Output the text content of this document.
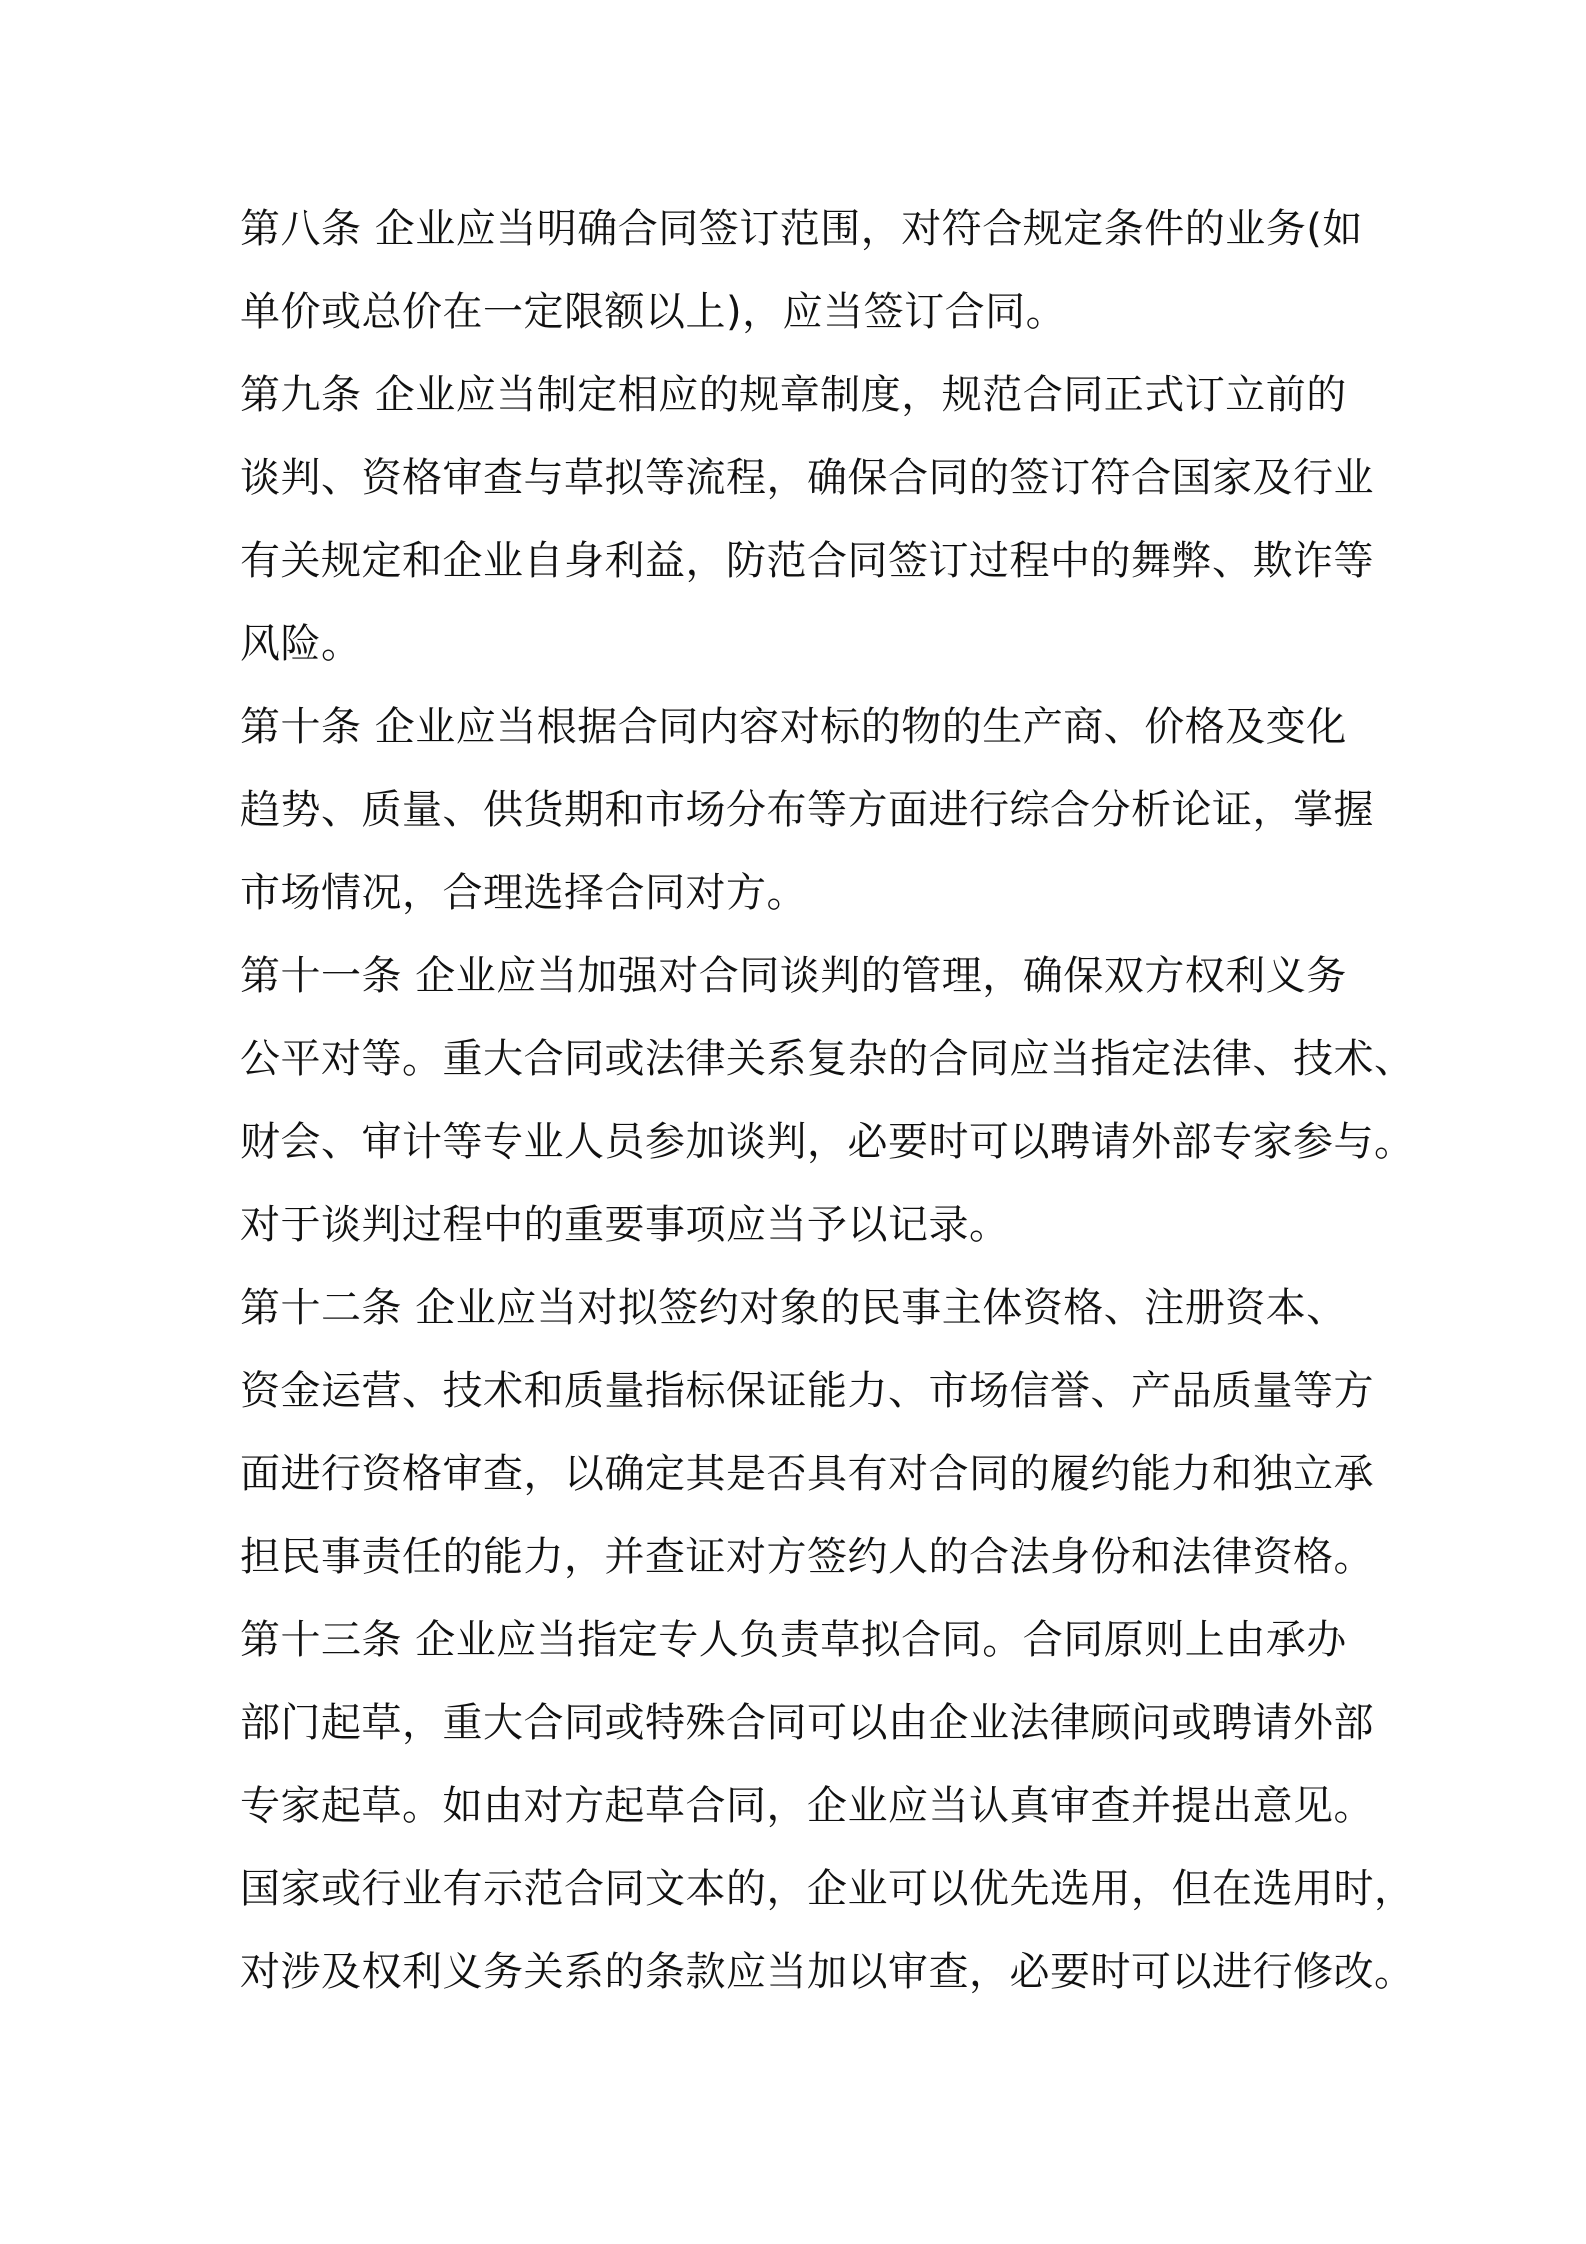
第八条 企业应当明确合同签订范围，对符合规定条件的业务(如
单价或总价在一定限额以上)，应当签订合同。
第九条 企业应当制定相应的规章制度，规范合同正式订立前的
谈判、资格审查与草拟等流程，确保合同的签订符合国家及行业
有关规定和企业自身利益，防范合同签订过程中的舞弊、欺诈等
风险。
第十条 企业应当根据合同内容对标的物的生产商、价格及变化
趋势、质量、供货期和市场分布等方面进行综合分析论证，掌握
市场情况，合理选择合同对方。
第十一条 企业应当加强对合同谈判的管理，确保双方权利义务
公平对等。重大合同或法律关系复杂的合同应当指定法律、技术、
财会、审计等专业人员参加谈判，必要时可以聘请外部专家参与。
对于谈判过程中的重要事项应当予以记录。
第十二条 企业应当对拟签约对象的民事主体资格、注册资本、
资金运营、技术和质量指标保证能力、市场信誉、产品质量等方
面进行资格审查，以确定其是否具有对合同的履约能力和独立承
担民事责任的能力，并查证对方签约人的合法身份和法律资格。
第十三条 企业应当指定专人负责草拟合同。合同原则上由承办
部门起草，重大合同或特殊合同可以由企业法律顾问或聘请外部
专家起草。如由对方起草合同，企业应当认真审查并提出意见。
国家或行业有示范合同文本的，企业可以优先选用，但在选用时，
对涉及权利义务关系的条款应当加以审查，必要时可以进行修改。
